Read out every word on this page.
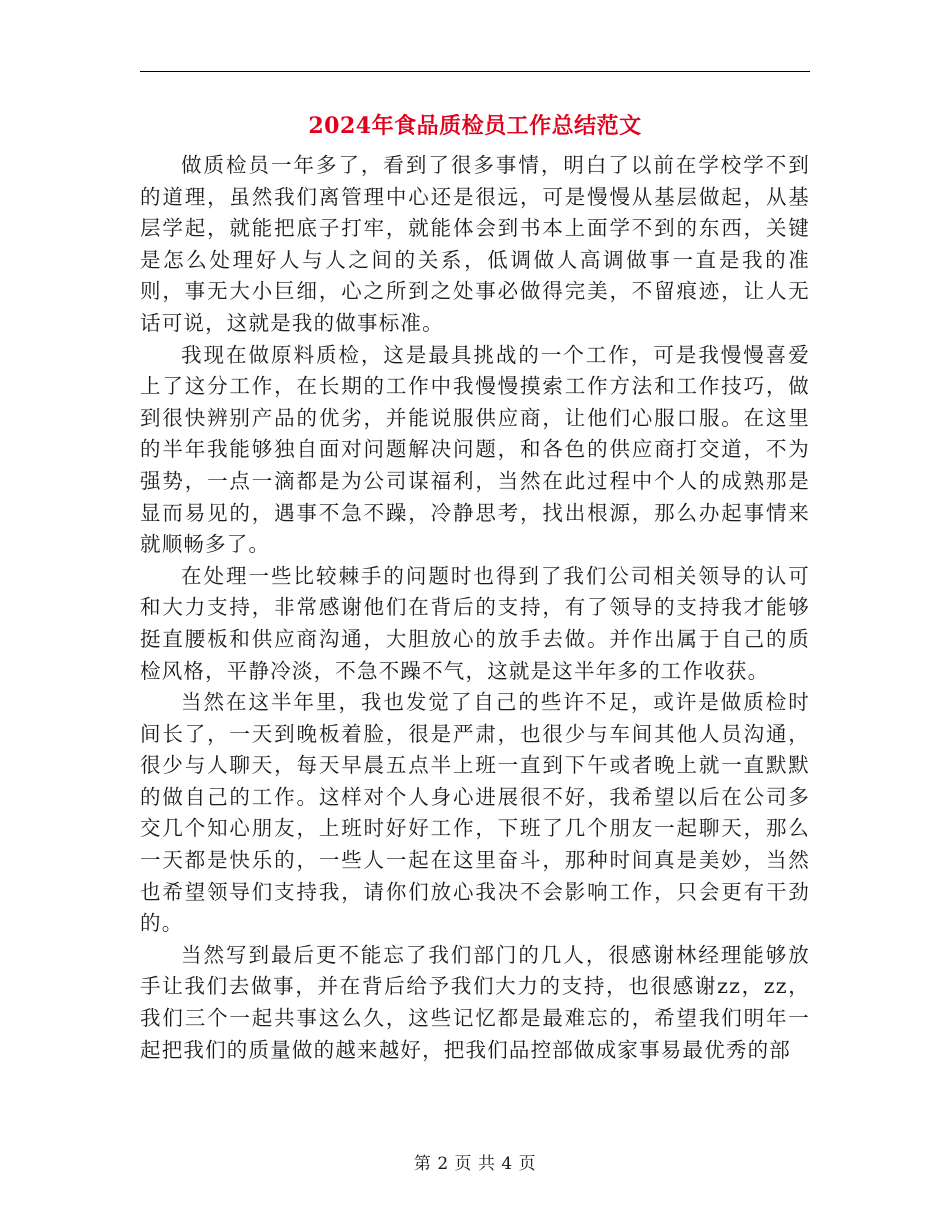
2024年食品质检员工作总结范文

做质检员一年多了，看到了很多事情，明白了以前在学校学不到的道理，虽然我们离管理中心还是很远，可是慢慢从基层做起，从基层学起，就能把底子打牢，就能体会到书本上面学不到的东西，关键是怎么处理好人与人之间的关系，低调做人高调做事一直是我的准则，事无大小巨细，心之所到之处事必做得完美，不留痕迹，让人无话可说，这就是我的做事标准。

我现在做原料质检，这是最具挑战的一个工作，可是我慢慢喜爱上了这分工作，在长期的工作中我慢慢摸索工作方法和工作技巧，做到很快辨别产品的优劣，并能说服供应商，让他们心服口服。在这里的半年我能够独自面对问题解决问题，和各色的供应商打交道，不为强势，一点一滴都是为公司谋福利，当然在此过程中个人的成熟那是显而易见的，遇事不急不躁，冷静思考，找出根源，那么办起事情来就顺畅多了。

在处理一些比较棘手的问题时也得到了我们公司相关领导的认可和大力支持，非常感谢他们在背后的支持，有了领导的支持我才能够挺直腰板和供应商沟通，大胆放心的放手去做。并作出属于自己的质检风格，平静冷淡，不急不躁不气，这就是这半年多的工作收获。

当然在这半年里，我也发觉了自己的些许不足，或许是做质检时间长了，一天到晚板着脸，很是严肃，也很少与车间其他人员沟通，很少与人聊天，每天早晨五点半上班一直到下午或者晚上就一直默默的做自己的工作。这样对个人身心进展很不好，我希望以后在公司多交几个知心朋友，上班时好好工作，下班了几个朋友一起聊天，那么一天都是快乐的，一些人一起在这里奋斗，那种时间真是美妙，当然也希望领导们支持我，请你们放心我决不会影响工作，只会更有干劲的。

当然写到最后更不能忘了我们部门的几人，很感谢林经理能够放手让我们去做事，并在背后给予我们大力的支持，也很感谢zz，zz，我们三个一起共事这么久，这些记忆都是最难忘的，希望我们明年一起把我们的质量做的越来越好，把我们品控部做成家事易最优秀的部

第 2 页 共 4 页
